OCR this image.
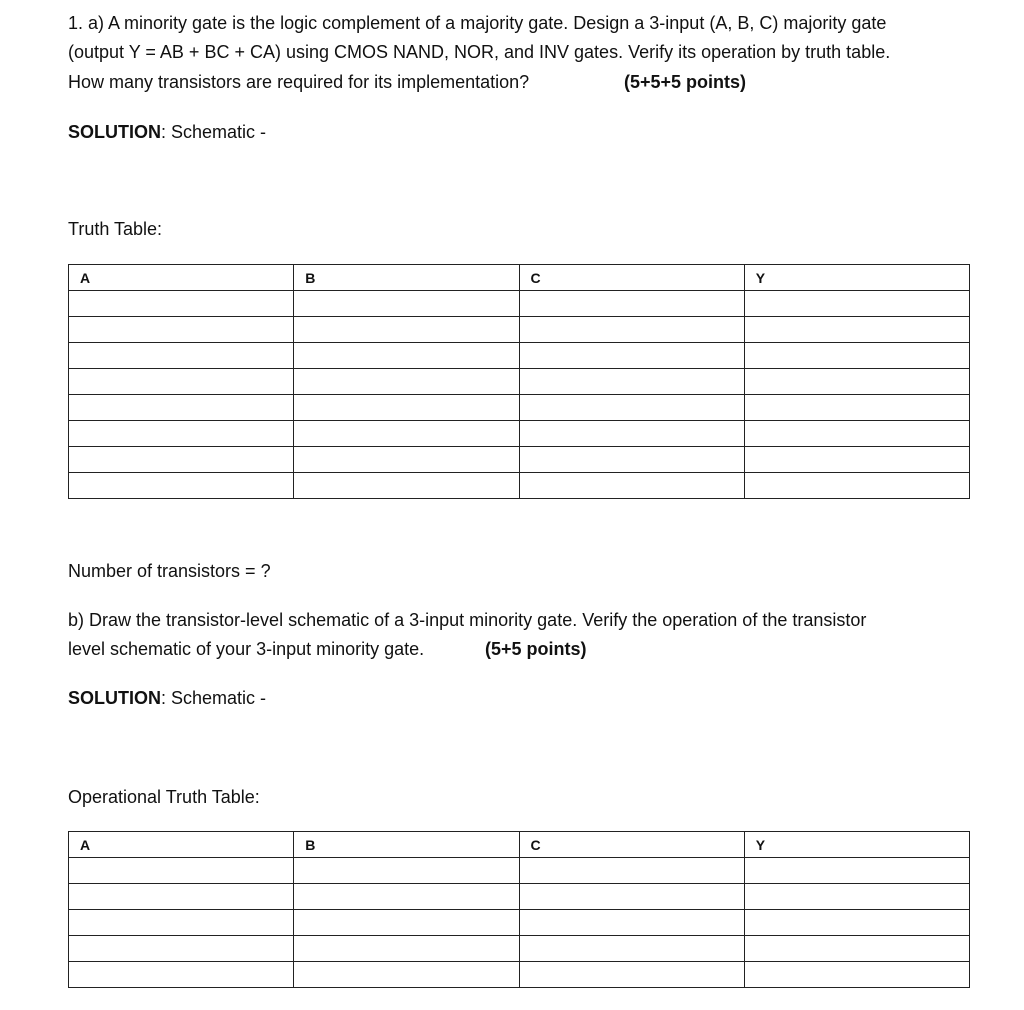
1. a) A minority gate is the logic complement of a majority gate. Design a 3-input (A, B, C) majority gate
(output Y = AB + BC + CA) using CMOS NAND, NOR, and INV gates. Verify its operation by truth table.
How many transistors are required for its implementation?	(5+5+5 points)
SOLUTION: Schematic -
Truth Table:
A	B	C	Y

Number of transistors = ?
b) Draw the transistor-level schematic of a 3-input minority gate. Verify the operation of the transistor
level schematic of your 3-input minority gate.	(5+5 points)
SOLUTION: Schematic -
Operational Truth Table:
A	B	C	Y
